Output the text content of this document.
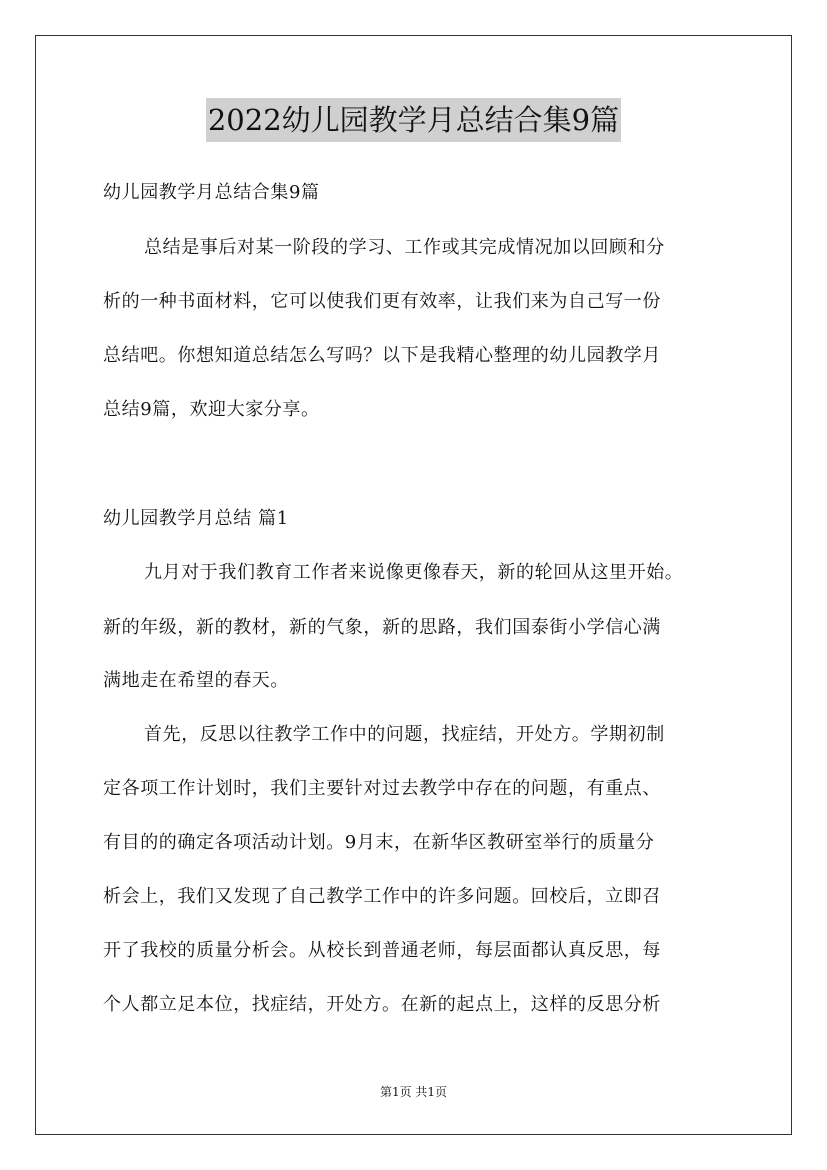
2022幼儿园教学月总结合集9篇
幼儿园教学月总结合集9篇
总结是事后对某一阶段的学习、工作或其完成情况加以回顾和分
析的一种书面材料，它可以使我们更有效率，让我们来为自己写一份
总结吧。你想知道总结怎么写吗？以下是我精心整理的幼儿园教学月
总结9篇，欢迎大家分享。
幼儿园教学月总结 篇1
九月对于我们教育工作者来说像更像春天，新的轮回从这里开始。
新的年级，新的教材，新的气象，新的思路，我们国泰街小学信心满
满地走在希望的春天。
首先，反思以往教学工作中的问题，找症结，开处方。学期初制
定各项工作计划时，我们主要针对过去教学中存在的问题，有重点、
有目的的确定各项活动计划。9月末，在新华区教研室举行的质量分
析会上，我们又发现了自己教学工作中的许多问题。回校后，立即召
开了我校的质量分析会。从校长到普通老师，每层面都认真反思，每
个人都立足本位，找症结，开处方。在新的起点上，这样的反思分析
第1页 共1页
